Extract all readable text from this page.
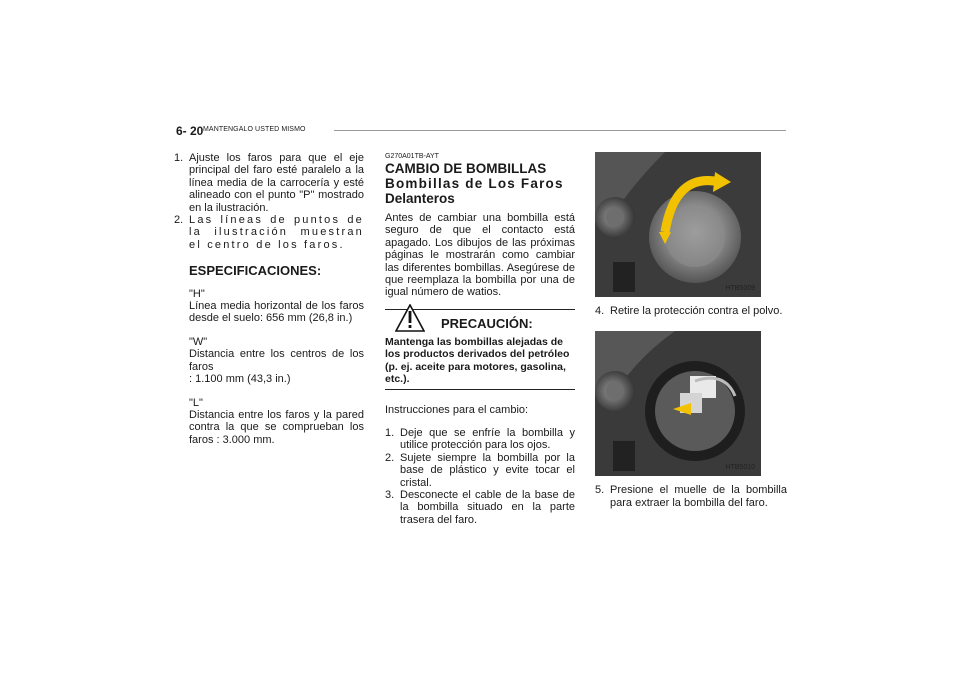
6- 20 MANTENGALO USTED MISMO
1. Ajuste los faros para que el eje principal del faro esté paralelo a la línea media de la carrocería y esté alineado con el punto "P" mostrado en la ilustración.
2. Las líneas de puntos de la ilustración muestran el centro de los faros.
ESPECIFICACIONES:
"H"
Línea media horizontal de los faros desde el suelo: 656 mm (26,8 in.)
"W"
Distancia entre los centros de los faros
: 1.100 mm (43,3 in.)
"L"
Distancia entre los faros y la pared contra la que se comprueban los faros : 3.000 mm.
G270A01TB-AYT
CAMBIO DE BOMBILLAS
Bombillas de Los Faros
Delanteros
Antes de cambiar una bombilla está seguro de que el contacto está apagado. Los dibujos de las próximas páginas le mostrarán como cambiar las diferentes bombillas. Asegúrese de que reemplaza la bombilla por una de igual número de watios.
PRECAUCIÓN:
Mantenga las bombillas alejadas de los productos derivados del petróleo (p. ej. aceite para motores, gasolina, etc.).
Instrucciones para el cambio:
1. Deje que se enfríe la bombilla y utilice protección para los ojos.
2. Sujete siempre la bombilla por la base de plástico y evite tocar el cristal.
3. Desconecte el cable de la base de la bombilla situado en la parte trasera del faro.
HTB5009
4. Retire la protección contra el polvo.
HTB5010
5. Presione el muelle de la bombilla para extraer la bombilla del faro.
